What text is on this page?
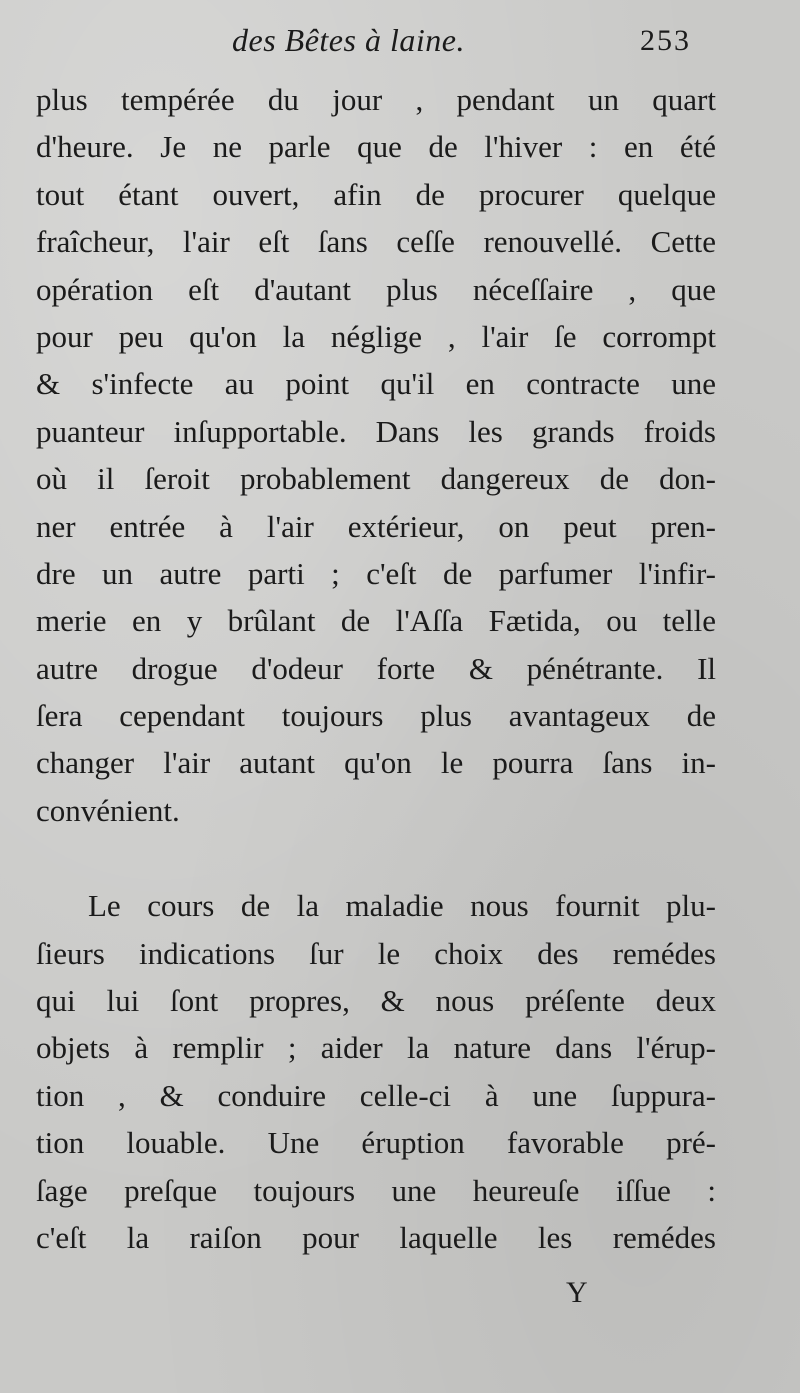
des Bêtes à laine.	253
plus tempérée du jour , pendant un quart
d'heure. Je ne parle que de l'hiver : en été
tout étant ouvert, afin de procurer quelque
fraîcheur, l'air eſt ſans ceſſe renouvellé. Cette
opération eſt d'autant plus néceſſaire , que
pour peu qu'on la néglige , l'air ſe corrompt
& s'infecte au point qu'il en contracte une
puanteur inſupportable. Dans les grands froids
où il ſeroit probablement dangereux de don-
ner entrée à l'air extérieur, on peut pren-
dre un autre parti ; c'eſt de parfumer l'infir-
merie en y brûlant de l'Aſſa Fætida, ou telle
autre drogue d'odeur forte & pénétrante. Il
ſera cependant toujours plus avantageux de
changer l'air autant qu'on le pourra ſans in-
convénient.
Le cours de la maladie nous fournit plu-
ſieurs indications ſur le choix des remédes
qui lui ſont propres, & nous préſente deux
objets à remplir ; aider la nature dans l'érup-
tion , & conduire celle-ci à une ſuppura-
tion louable. Une éruption favorable pré-
ſage preſque toujours une heureuſe iſſue :
c'eſt la raiſon pour laquelle les remédes
Y
